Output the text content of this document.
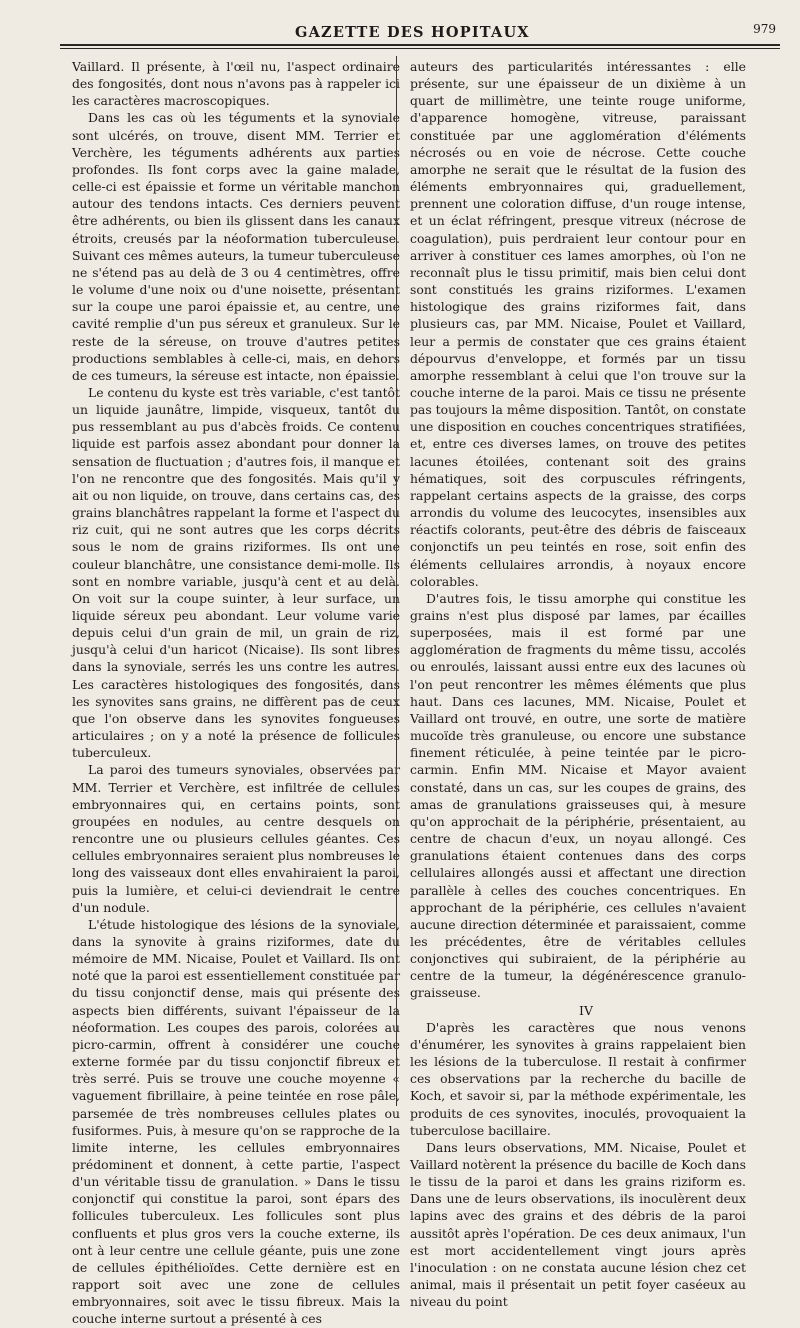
GAZETTE DES HOPITAUX	979

Vaillard. Il présente, à l'œil nu, l'aspect ordinaire des fongosités, dont nous n'avons pas à rappeler ici les caractères macroscopiques.

Dans les cas où les téguments et la synoviale sont ulcérés, on trouve, disent MM. Terrier et Verchère, les téguments adhérents aux parties profondes. Ils font corps avec la gaine malade, celle-ci est épaissie et forme un véritable manchon autour des tendons intacts. Ces derniers peuvent être adhérents, ou bien ils glissent dans les canaux étroits, creusés par la néoformation tuberculeuse. Suivant ces mêmes auteurs, la tumeur tuberculeuse ne s'étend pas au delà de 3 ou 4 centimètres, offre le volume d'une noix ou d'une noisette, présentant sur la coupe une paroi épaissie et, au centre, une cavité remplie d'un pus séreux et granuleux. Sur le reste de la séreuse, on trouve d'autres petites productions semblables à celle-ci, mais, en dehors de ces tumeurs, la séreuse est intacte, non épaissie.

Le contenu du kyste est très variable, c'est tantôt un liquide jaunâtre, limpide, visqueux, tantôt du pus ressemblant au pus d'abcès froids. Ce contenu liquide est parfois assez abondant pour donner la sensation de fluctuation ; d'autres fois, il manque et l'on ne rencontre que des fongosités. Mais qu'il y ait ou non liquide, on trouve, dans certains cas, des grains blanchâtres rappelant la forme et l'aspect du riz cuit, qui ne sont autres que les corps décrits sous le nom de grains riziformes. Ils ont une couleur blanchâtre, une consistance demi-molle. Ils sont en nombre variable, jusqu'à cent et au delà. On voit sur la coupe suinter, à leur surface, un liquide séreux peu abondant. Leur volume varie depuis celui d'un grain de mil, un grain de riz, jusqu'à celui d'un haricot (Nicaise). Ils sont libres dans la synoviale, serrés les uns contre les autres. Les caractères histologiques des fongosités, dans les synovites sans grains, ne diffèrent pas de ceux que l'on observe dans les synovites fongueuses articulaires ; on y a noté la présence de follicules tuberculeux.

La paroi des tumeurs synoviales, observées par MM. Terrier et Verchère, est infiltrée de cellules embryonnaires qui, en certains points, sont groupées en nodules, au centre desquels on rencontre une ou plusieurs cellules géantes. Ces cellules embryonnaires seraient plus nombreuses le long des vaisseaux dont elles envahiraient la paroi, puis la lumière, et celui-ci deviendrait le centre d'un nodule.

L'étude histologique des lésions de la synoviale, dans la synovite à grains riziformes, date du mémoire de MM. Nicaise, Poulet et Vaillard. Ils ont noté que la paroi est essentiellement constituée par du tissu conjonctif dense, mais qui présente des aspects bien différents, suivant l'épaisseur de la néoformation. Les coupes des parois, colorées au picro-carmin, offrent à considérer une couche externe formée par du tissu conjonctif fibreux et très serré. Puis se trouve une couche moyenne « vaguement fibrillaire, à peine teintée en rose pâle, parsemée de très nombreuses cellules plates ou fusiformes. Puis, à mesure qu'on se rapproche de la limite interne, les cellules embryonnaires prédominent et donnent, à cette partie, l'aspect d'un véritable tissu de granulation. » Dans le tissu conjonctif qui constitue la paroi, sont épars des follicules tuberculeux. Les follicules sont plus confluents et plus gros vers la couche externe, ils ont à leur centre une cellule géante, puis une zone de cellules épithélioïdes. Cette dernière est en rapport soit avec une zone de cellules embryonnaires, soit avec le tissu fibreux. Mais la couche interne surtout a présenté à ces

auteurs des particularités intéressantes : elle présente, sur une épaisseur de un dixième à un quart de millimètre, une teinte rouge uniforme, d'apparence homogène, vitreuse, paraissant constituée par une agglomération d'éléments nécrosés ou en voie de nécrose. Cette couche amorphe ne serait que le résultat de la fusion des éléments embryonnaires qui, graduellement, prennent une coloration diffuse, d'un rouge intense, et un éclat réfringent, presque vitreux (nécrose de coagulation), puis perdraient leur contour pour en arriver à constituer ces lames amorphes, où l'on ne reconnaît plus le tissu primitif, mais bien celui dont sont constitués les grains riziformes. L'examen histologique des grains riziformes fait, dans plusieurs cas, par MM. Nicaise, Poulet et Vaillard, leur a permis de constater que ces grains étaient dépourvus d'enveloppe, et formés par un tissu amorphe ressemblant à celui que l'on trouve sur la couche interne de la paroi. Mais ce tissu ne présente pas toujours la même disposition. Tantôt, on constate une disposition en couches concentriques stratifiées, et, entre ces diverses lames, on trouve des petites lacunes étoilées, contenant soit des grains hématiques, soit des corpuscules réfringents, rappelant certains aspects de la graisse, des corps arrondis du volume des leucocytes, insensibles aux réactifs colorants, peut-être des débris de faisceaux conjonctifs un peu teintés en rose, soit enfin des éléments cellulaires arrondis, à noyaux encore colorables.

D'autres fois, le tissu amorphe qui constitue les grains n'est plus disposé par lames, par écailles superposées, mais il est formé par une agglomération de fragments du même tissu, accolés ou enroulés, laissant aussi entre eux des lacunes où l'on peut rencontrer les mêmes éléments que plus haut. Dans ces lacunes, MM. Nicaise, Poulet et Vaillard ont trouvé, en outre, une sorte de matière mucoïde très granuleuse, ou encore une substance finement réticulée, à peine teintée par le picro-carmin. Enfin MM. Nicaise et Mayor avaient constaté, dans un cas, sur les coupes de grains, des amas de granulations graisseuses qui, à mesure qu'on approchait de la périphérie, présentaient, au centre de chacun d'eux, un noyau allongé. Ces granulations étaient contenues dans des corps cellulaires allongés aussi et affectant une direction parallèle à celles des couches concentriques. En approchant de la périphérie, ces cellules n'avaient aucune direction déterminée et paraissaient, comme les précédentes, être de véritables cellules conjonctives qui subiraient, de la périphérie au centre de la tumeur, la dégénérescence granulo-graisseuse.

IV

D'après les caractères que nous venons d'énumérer, les synovites à grains rappelaient bien les lésions de la tuberculose. Il restait à confirmer ces observations par la recherche du bacille de Koch, et savoir si, par la méthode expérimentale, les produits de ces synovites, inoculés, provoquaient la tuberculose bacillaire.

Dans leurs observations, MM. Nicaise, Poulet et Vaillard notèrent la présence du bacille de Koch dans le tissu de la paroi et dans les grains riziform es. Dans une de leurs observations, ils inoculèrent deux lapins avec des grains et des débris de la paroi aussitôt après l'opération. De ces deux animaux, l'un est mort accidentellement vingt jours après l'inoculation : on ne constata aucune lésion chez cet animal, mais il présentait un petit foyer caséeux au niveau du point
